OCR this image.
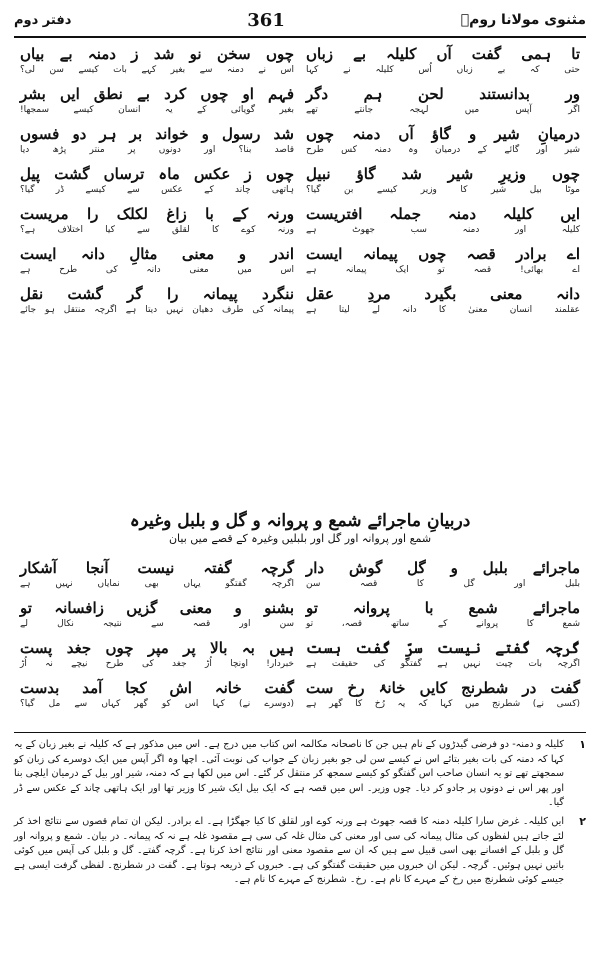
دفتر دوم	361	مثنوی مولانا رومؒ
تا ہمی گفت آں کلیلہ بے زباں
حتی کہ بے زباں اُس کلیلہ نے کہا
چوں سخن نو شد ز دمنہ بے بیاں
اس نے دمنہ سے بغیر کہے بات کیسے سن لی؟
ور بدانستند لحن ہم دگر
اگر آپس میں لہجہ جانتے تھے
فہم او چوں کرد بے نطق ایں بشر
بغیر گویائی کے یہ انسان کیسے سمجھا!
درمیانِ شیر و گاؤ آں دمنہ چوں
شیر اور گائے کے درمیان وہ دمنہ کس طرح
شد رسول و خواند بر ہر دو فسوں
قاصد بنا؟ اور دونوں پر منتر پڑھ دیا
چوں وزیرِ شیر شد گاؤ نبیل
موٹا بیل شیر کا وزیر کیسے بن گیا؟
چوں ز عکس ماہ ترساں گشت پیل
ہاتھی چاند کے عکس سے کیسے ڈر گیا؟
ایں کلیلہ دمنہ جملہ افتریست
کلیلہ اور دمنہ سب جھوٹ ہے
ورنہ کے با زاغ لکلک را مریست
ورنہ کوے کا لقلق سے کیا اختلاف ہے؟
اے برادر قصہ چوں پیمانہ ایست
اے بھائی! قصہ تو ایک پیمانہ ہے
اندر و معنی مثالِ دانہ ایست
اس میں معنی دانہ کی طرح ہے
دانہ معنی بگیرد مردِ عقل
عقلمند انسان معنیٰ کا دانہ لے لیتا ہے
ننگرد پیمانہ را گر گشت نقل
پیمانہ کی طرف دھیان نہیں دیتا ہے اگرچہ منتقل ہو جائے
دربیانِ ماجرائے شمع و پروانہ و گل و بلبل وغیرہ
شمع اور پروانہ اور گل اور بلبلیں وغیرہ کے قصے میں بیان
ماجرائے بلبل و گل گوش دار
بلبل اور گل کا قصہ سن
گرچہ گفتہ نیست آنجا آشکار
اگرچہ گفتگو یہاں بھی نمایاں نہیں ہے
ماجرائے شمع با پروانہ تو
شمع کا پروانے کے ساتھ قصہ، تو
بشنو و معنی گزیں زافسانہ تو
سن اور قصہ سے نتیجہ نکال لے
گرچہ گفتے نیست سرِّ گفت ہست
اگرچہ بات چیت نہیں ہے گفتگو کی حقیقت ہے
ہیں بہ بالا پر مپر چوں جغد پست
خبردار! اونچا اُڑ جغد کی طرح نیچے نہ اُڑ
گفت در شطرنج کایں خانۂ رخ ست
(کسی نے) شطرنج میں کہا کہ یہ رُخ کا گھر ہے
گفت خانہ اش کجا آمد بدست
(دوسرے نے) کہا اس کو گھر کہاں سے مل گیا؟
۱
کلیلہ و دمنہ- دو فرضی گیدڑوں کے نام ہیں جن کا ناصحانہ مکالمہ اس کتاب میں درج ہے۔ اس میں مذکور ہے کہ کلیلہ نے بغیر زبان کے یہ کہا کہ دمنہ کی بات بغیر بتائے اس نے کیسے سن لی جو بغیر زبان کے جواب کی نوبت آئی۔ اچھا وہ اگر آپس میں ایک دوسرے کی زبان کو سمجھتے تھے تو یہ انسان صاحب اس گفتگو کو کیسے سمجھ کر منتقل کر گئے۔ اس میں لکھا ہے کہ دمنہ، شیر اور بیل کے درمیان ایلچی بنا اور پھر اس نے دونوں پر جادو کر دیا۔ چوں وزیر۔ اس میں قصہ ہے کہ ایک بیل ایک شیر کا وزیر تھا اور ایک ہاتھی چاند کے عکس سے ڈر گیا۔
۲
ایں کلیلہ۔ غرض سارا کلیلہ دمنہ کا قصہ جھوٹ ہے ورنہ کوے اور لقلق کا کیا جھگڑا ہے۔ اے برادر۔ لیکن ان تمام قصوں سے نتائج اخذ کر لئے جاتے ہیں لفظوں کی مثال پیمانہ کی سی اور معنی کی مثال غلہ کی سی ہے مقصود غلہ ہے نہ کہ پیمانہ۔ در بیان۔ شمع و پروانہ اور گل و بلبل کے افسانے بھی اسی قبیل سے ہیں کہ ان سے مقصود معنی اور نتائج اخذ کرنا ہے۔ گرچہ گفتے۔ گل و بلبل کی آپس میں کوئی باتیں نہیں ہوئیں۔ گرچہ۔ لیکن ان خبروں میں حقیقت گفتگو کی ہے۔ خبروں کے ذریعہ ہوتا ہے۔ گفت در شطرنج۔ لفظی گرفت ایسی ہے جیسے کوئی شطرنج میں رخ کے مہرے کا نام ہے۔ رخ۔ شطرنج کے مہرے کا نام ہے۔
